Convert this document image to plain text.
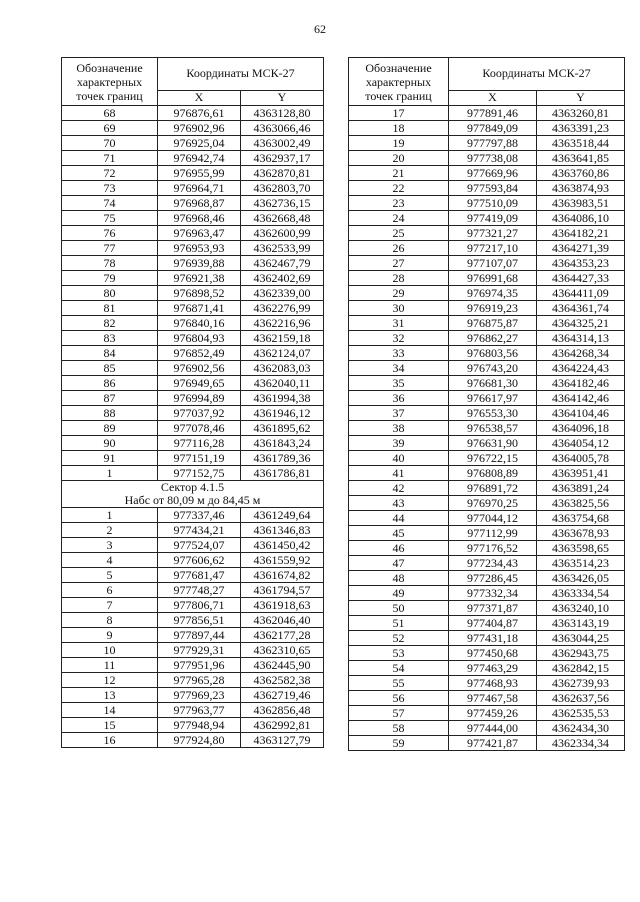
62
Обозначение характерных точек границ	Координаты МСК-27	
	X	Y
68	976876,61	4363128,80
69	976902,96	4363066,46
70	976925,04	4363002,49
71	976942,74	4362937,17
72	976955,99	4362870,81
73	976964,71	4362803,70
74	976968,87	4362736,15
75	976968,46	4362668,48
76	976963,47	4362600,99
77	976953,93	4362533,99
78	976939,88	4362467,79
79	976921,38	4362402,69
80	976898,52	4362339,00
81	976871,41	4362276,99
82	976840,16	4362216,96
83	976804,93	4362159,18
84	976852,49	4362124,07
85	976902,56	4362083,03
86	976949,65	4362040,11
87	976994,89	4361994,38
88	977037,92	4361946,12
89	977078,46	4361895,62
90	977116,28	4361843,24
91	977151,19	4361789,36
1	977152,75	4361786,81
Сектор 4.1.5
Набс от 80,09 м до 84,45 м		
1	977337,46	4361249,64
2	977434,21	4361346,83
3	977524,07	4361450,42
4	977606,62	4361559,92
5	977681,47	4361674,82
6	977748,27	4361794,57
7	977806,71	4361918,63
8	977856,51	4362046,40
9	977897,44	4362177,28
10	977929,31	4362310,65
11	977951,96	4362445,90
12	977965,28	4362582,38
13	977969,23	4362719,46
14	977963,77	4362856,48
15	977948,94	4362992,81
16	977924,80	4363127,79
Обозначение характерных точек границ	Координаты МСК-27	
	X	Y
17	977891,46	4363260,81
18	977849,09	4363391,23
19	977797,88	4363518,44
20	977738,08	4363641,85
21	977669,96	4363760,86
22	977593,84	4363874,93
23	977510,09	4363983,51
24	977419,09	4364086,10
25	977321,27	4364182,21
26	977217,10	4364271,39
27	977107,07	4364353,23
28	976991,68	4364427,33
29	976974,35	4364411,09
30	976919,23	4364361,74
31	976875,87	4364325,21
32	976862,27	4364314,13
33	976803,56	4364268,34
34	976743,20	4364224,43
35	976681,30	4364182,46
36	976617,97	4364142,46
37	976553,30	4364104,46
38	976538,57	4364096,18
39	976631,90	4364054,12
40	976722,15	4364005,78
41	976808,89	4363951,41
42	976891,72	4363891,24
43	976970,25	4363825,56
44	977044,12	4363754,68
45	977112,99	4363678,93
46	977176,52	4363598,65
47	977234,43	4363514,23
48	977286,45	4363426,05
49	977332,34	4363334,54
50	977371,87	4363240,10
51	977404,87	4363143,19
52	977431,18	4363044,25
53	977450,68	4362943,75
54	977463,29	4362842,15
55	977468,93	4362739,93
56	977467,58	4362637,56
57	977459,26	4362535,53
58	977444,00	4362434,30
59	977421,87	4362334,34
